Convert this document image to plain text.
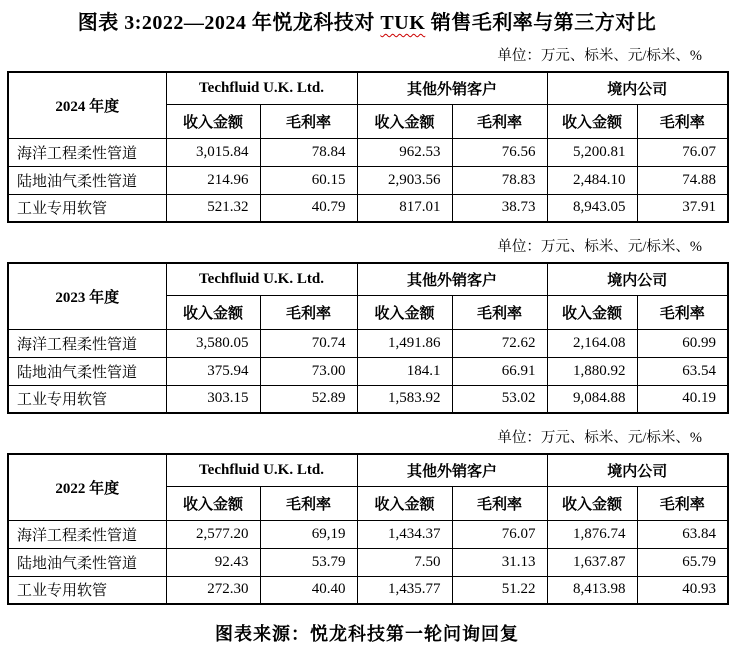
图表 3:2022—2024 年悦龙科技对 TUK 销售毛利率与第三方对比
单位：万元、标米、元/标米、%
2024 年度	Techfluid U.K. Ltd.		其他外销客户		境内公司	
	收入金额	毛利率	收入金额	毛利率	收入金额	毛利率
海洋工程柔性管道	3,015.84	78.84	962.53	76.56	5,200.81	76.07
陆地油气柔性管道	214.96	60.15	2,903.56	78.83	2,484.10	74.88
工业专用软管	521.32	40.79	817.01	38.73	8,943.05	37.91
单位：万元、标米、元/标米、%
2023 年度	Techfluid U.K. Ltd.		其他外销客户		境内公司	
	收入金额	毛利率	收入金额	毛利率	收入金额	毛利率
海洋工程柔性管道	3,580.05	70.74	1,491.86	72.62	2,164.08	60.99
陆地油气柔性管道	375.94	73.00	184.1	66.91	1,880.92	63.54
工业专用软管	303.15	52.89	1,583.92	53.02	9,084.88	40.19
单位：万元、标米、元/标米、%
2022 年度	Techfluid U.K. Ltd.		其他外销客户		境内公司	
	收入金额	毛利率	收入金额	毛利率	收入金额	毛利率
海洋工程柔性管道	2,577.20	69,19	1,434.37	76.07	1,876.74	63.84
陆地油气柔性管道	92.43	53.79	7.50	31.13	1,637.87	65.79
工业专用软管	272.30	40.40	1,435.77	51.22	8,413.98	40.93
图表来源：悦龙科技第一轮问询回复
